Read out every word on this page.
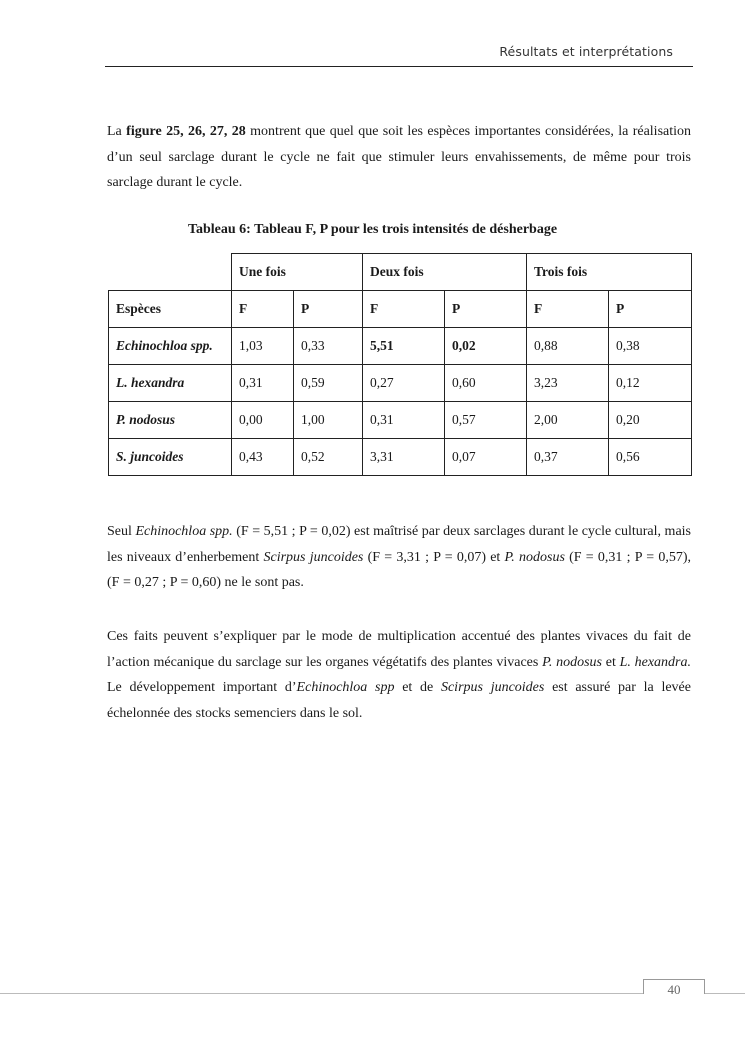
Résultats et interprétations

La figure 25, 26, 27, 28 montrent que quel que soit les espèces importantes considérées, la réalisation d’un seul sarclage durant le cycle ne fait que stimuler leurs envahissements, de même pour trois sarclage durant le cycle.

Tableau 6: Tableau F, P pour les trois intensités de désherbage
	Une fois		Deux fois		Trois fois	
Espèces	F	P	F	P	F	P
Echinochloa spp.	1,03	0,33	5,51	0,02	0,88	0,38
L. hexandra	0,31	0,59	0,27	0,60	3,23	0,12
P. nodosus	0,00	1,00	0,31	0,57	2,00	0,20
S. juncoides	0,43	0,52	3,31	0,07	0,37	0,56

Seul Echinochloa spp. (F = 5,51 ; P = 0,02) est maîtrisé par deux sarclages durant le cycle cultural, mais les niveaux d’enherbement Scirpus juncoides (F = 3,31 ; P = 0,07) et P. nodosus (F = 0,31 ; P = 0,57), (F = 0,27 ; P = 0,60) ne le sont pas.

Ces faits peuvent s’expliquer par le mode de multiplication accentué des plantes vivaces du fait de l’action mécanique du sarclage sur les organes végétatifs des plantes vivaces P. nodosus et L. hexandra. Le développement important d’Echinochloa spp et de Scirpus juncoides est assuré par la levée échelonnée des stocks semenciers dans le sol.

40
